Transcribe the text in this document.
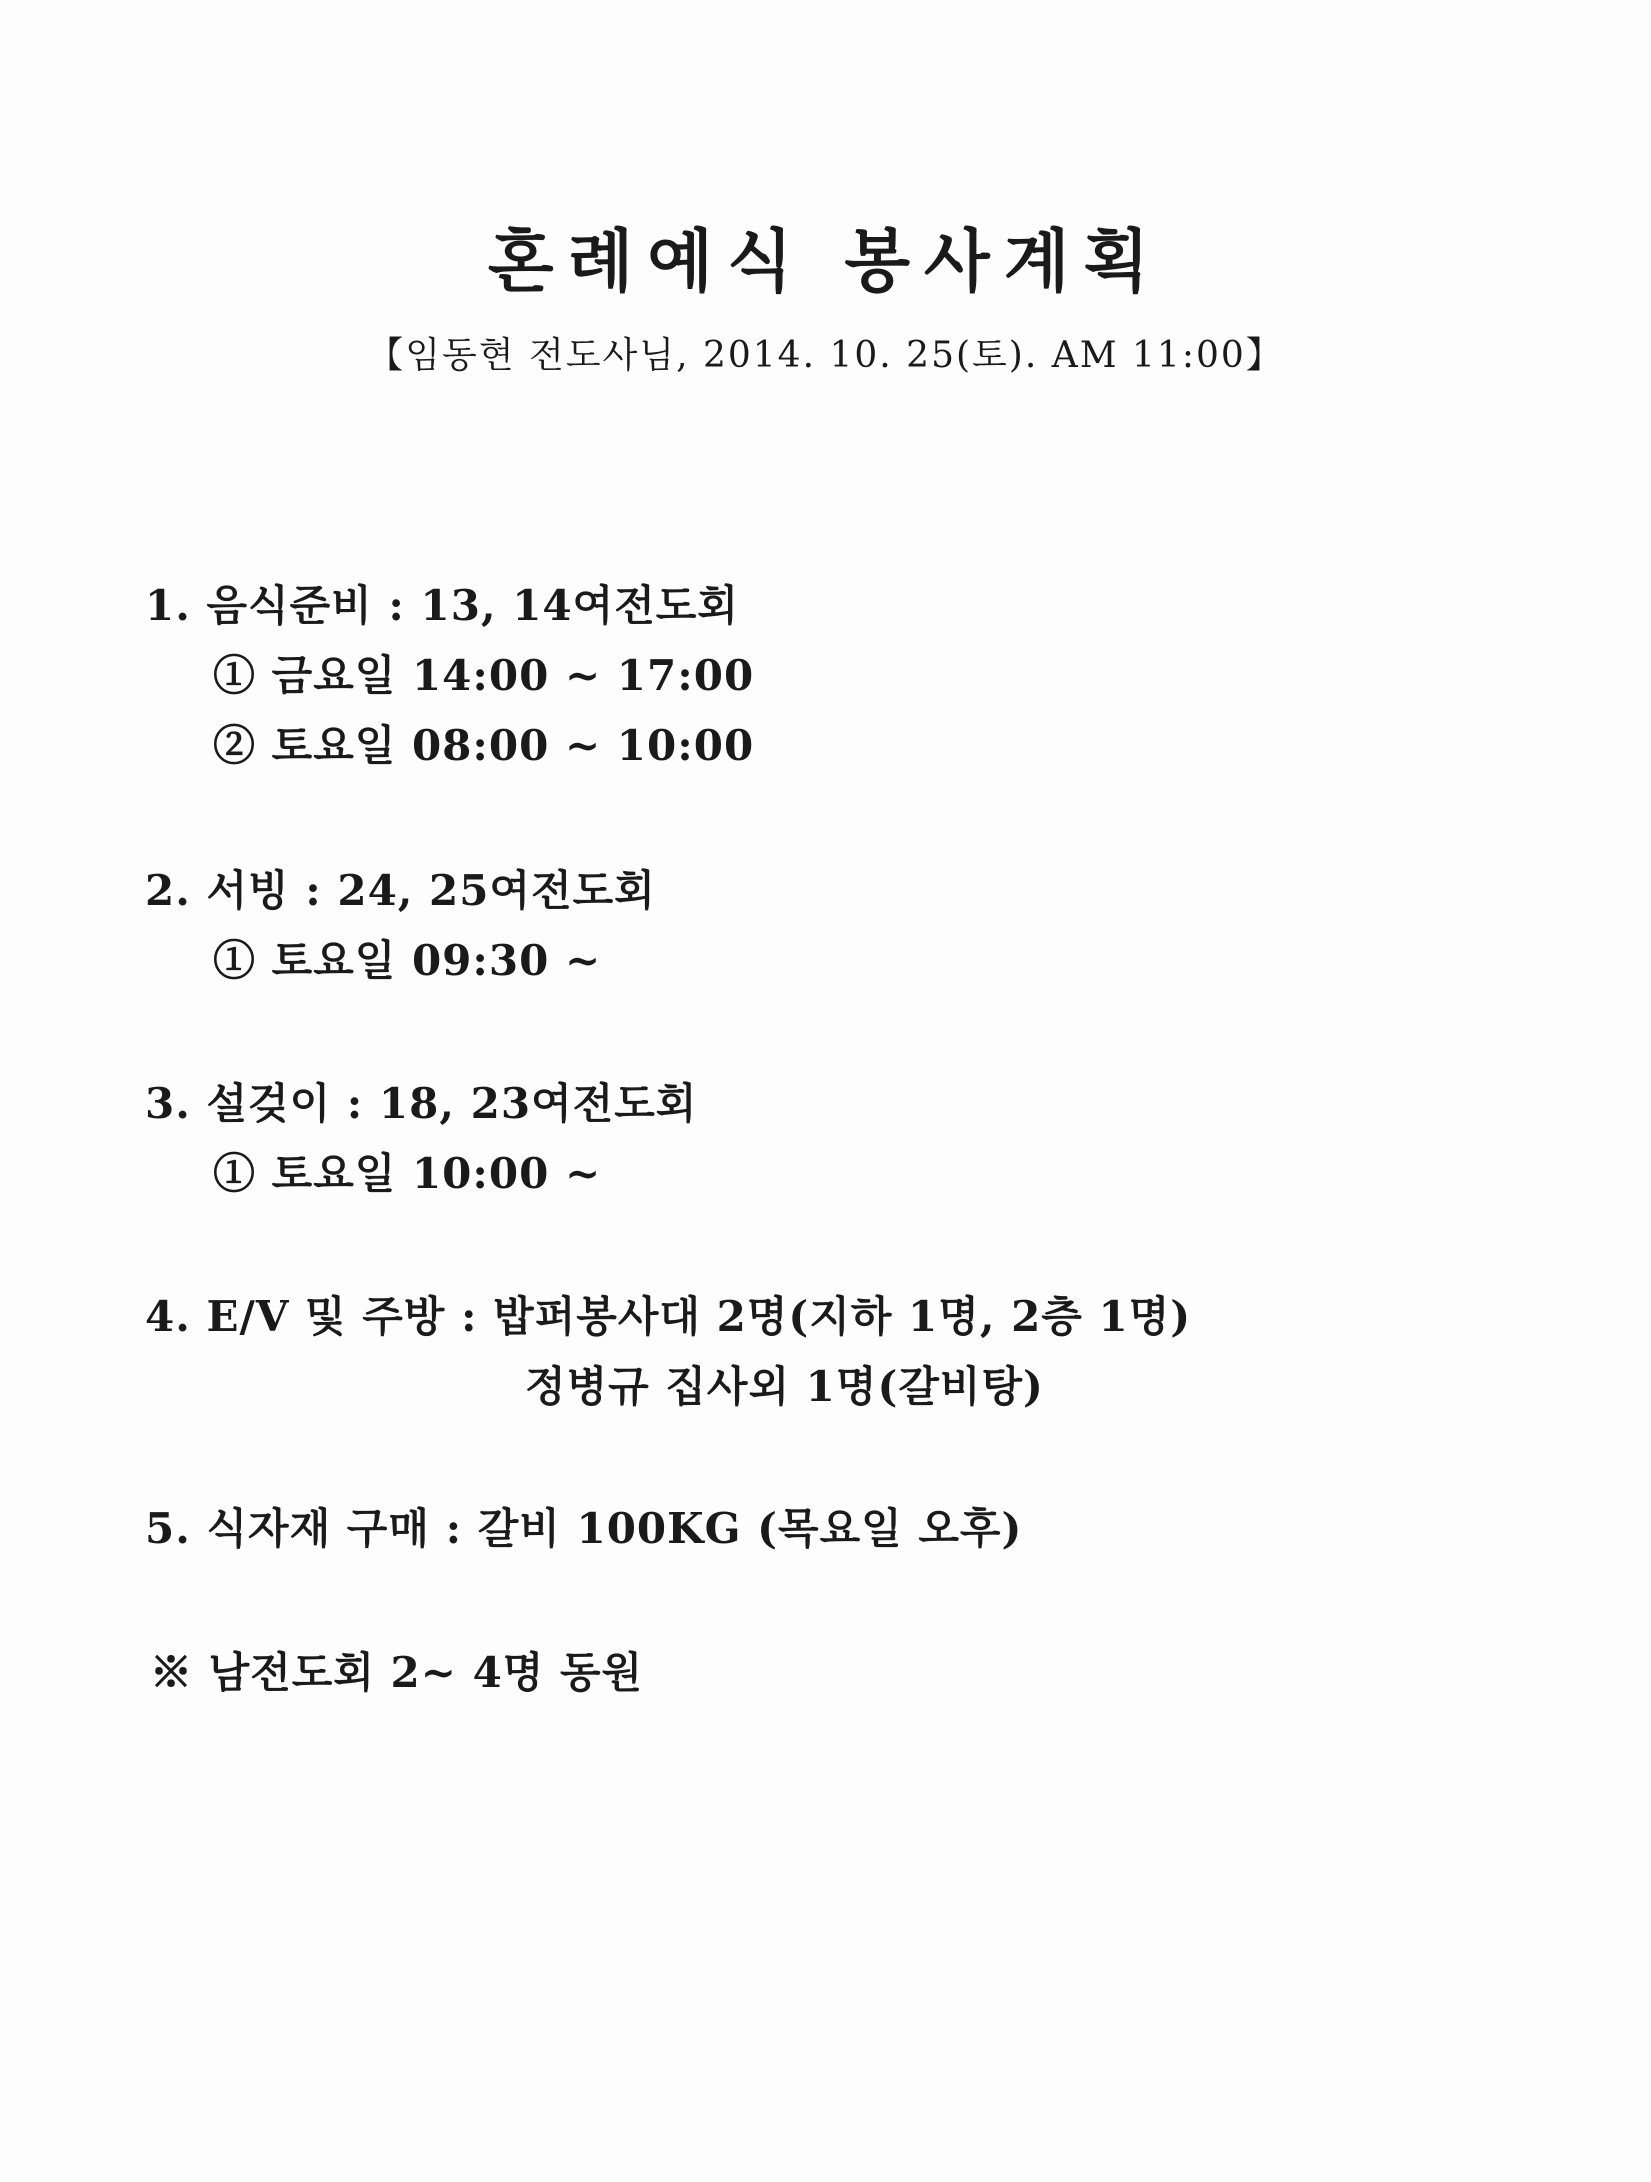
혼례예식 봉사계획
【임동현 전도사님, 2014. 10. 25(토). AM 11:00】
1. 음식준비 : 13, 14여전도회
① 금요일 14:00 ~ 17:00
② 토요일 08:00 ~ 10:00
2. 서빙 : 24, 25여전도회
① 토요일 09:30 ~
3. 설겆이 : 18, 23여전도회
① 토요일 10:00 ~
4. E/V 및 주방 : 밥퍼봉사대 2명(지하 1명, 2층 1명)
정병규 집사외 1명(갈비탕)
5. 식자재 구매 : 갈비 100KG (목요일 오후)
※ 남전도회 2~ 4명 동원
